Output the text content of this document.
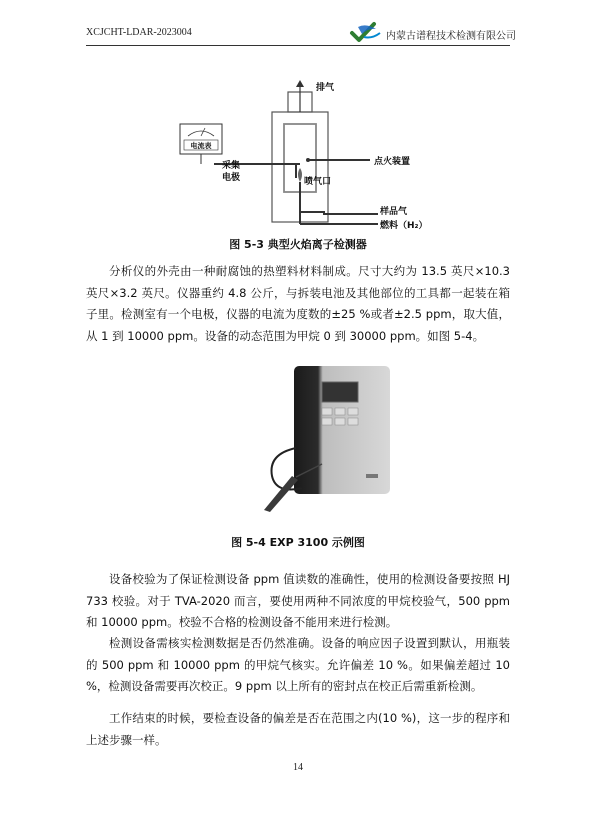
XCJCHT-LDAR-2023004	内蒙古谱程技术检测有限公司
电流表
排气
采集
电极
点火装置
喷气口
样品气
燃料（H₂）
图 5-3 典型火焰离子检测器

分析仪的外壳由一种耐腐蚀的热塑料材料制成。尺寸大约为 13.5 英尺×10.3 英尺×3.2 英尺。仪器重约 4.8 公斤，与拆装电池及其他部位的工具都一起装在箱子里。检测室有一个电极，仪器的电流为度数的±25 %或者±2.5 ppm，取大值，从 1 到 10000 ppm。设备的动态范围为甲烷 0 到 30000 ppm。如图 5-4。

图 5-4 EXP 3100 示例图

设备校验为了保证检测设备 ppm 值读数的准确性，使用的检测设备要按照 HJ 733 校验。对于 TVA-2020 而言，要使用两种不同浓度的甲烷校验气，500 ppm 和 10000 ppm。校验不合格的检测设备不能用来进行检测。

检测设备需核实检测数据是否仍然准确。设备的响应因子设置到默认，用瓶装的 500 ppm 和 10000 ppm 的甲烷气核实。允许偏差 10 %。如果偏差超过 10 %，检测设备需要再次校正。9 ppm 以上所有的密封点在校正后需重新检测。

工作结束的时候，要检查设备的偏差是否在范围之内(10 %)，这一步的程序和上述步骤一样。

14
